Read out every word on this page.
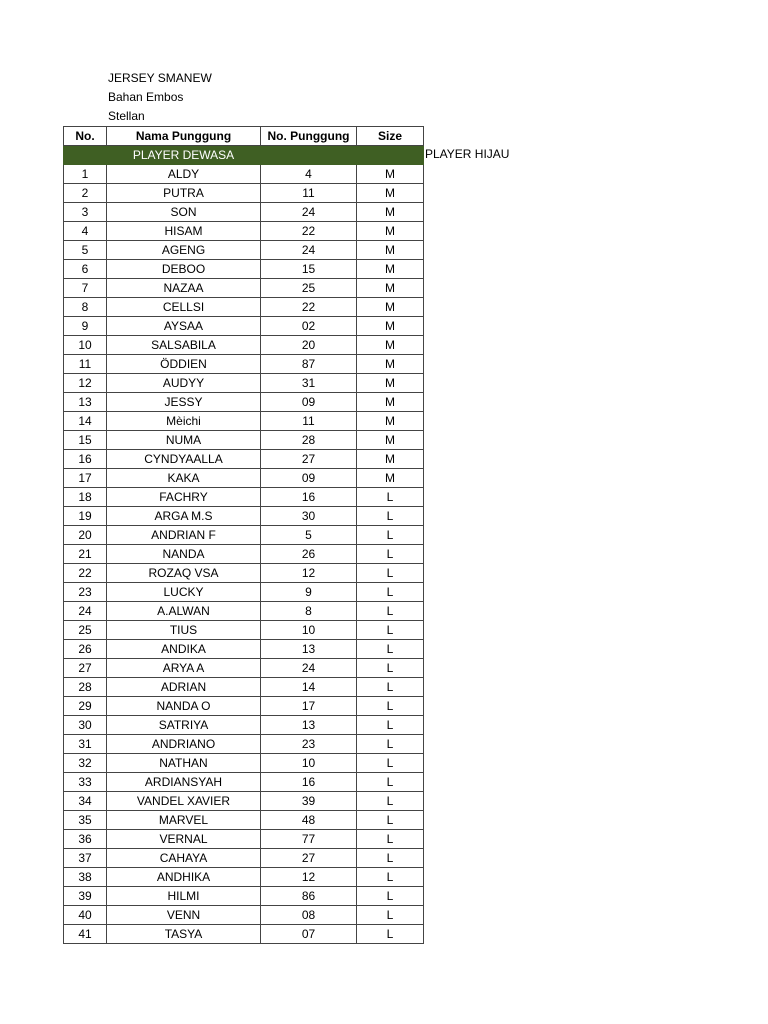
JERSEY SMANEW
Bahan Embos
Stellan
PLAYER HIJAU
No.	Nama Punggung	No. Punggung	Size
	PLAYER DEWASA		
1	ALDY	4	M
2	PUTRA	11	M
3	SON	24	M
4	HISAM	22	M
5	AGENG	24	M
6	DEBOO	15	M
7	NAZAA	25	M
8	CELLSI	22	M
9	AYSAA	02	M
10	SALSABILA	20	M
11	ÖDDIEN	87	M
12	AUDYY	31	M
13	JESSY	09	M
14	Mèichi	11	M
15	NUMA	28	M
16	CYNDYAALLA	27	M
17	KAKA	09	M
18	FACHRY	16	L
19	ARGA M.S	30	L
20	ANDRIAN F	5	L
21	NANDA	26	L
22	ROZAQ VSA	12	L
23	LUCKY	9	L
24	A.ALWAN	8	L
25	TIUS	10	L
26	ANDIKA	13	L
27	ARYA A	24	L
28	ADRIAN	14	L
29	NANDA O	17	L
30	SATRIYA	13	L
31	ANDRIANO	23	L
32	NATHAN	10	L
33	ARDIANSYAH	16	L
34	VANDEL XAVIER	39	L
35	MARVEL	48	L
36	VERNAL	77	L
37	CAHAYA	27	L
38	ANDHIKA	12	L
39	HILMI	86	L
40	VENN	08	L
41	TASYA	07	L
